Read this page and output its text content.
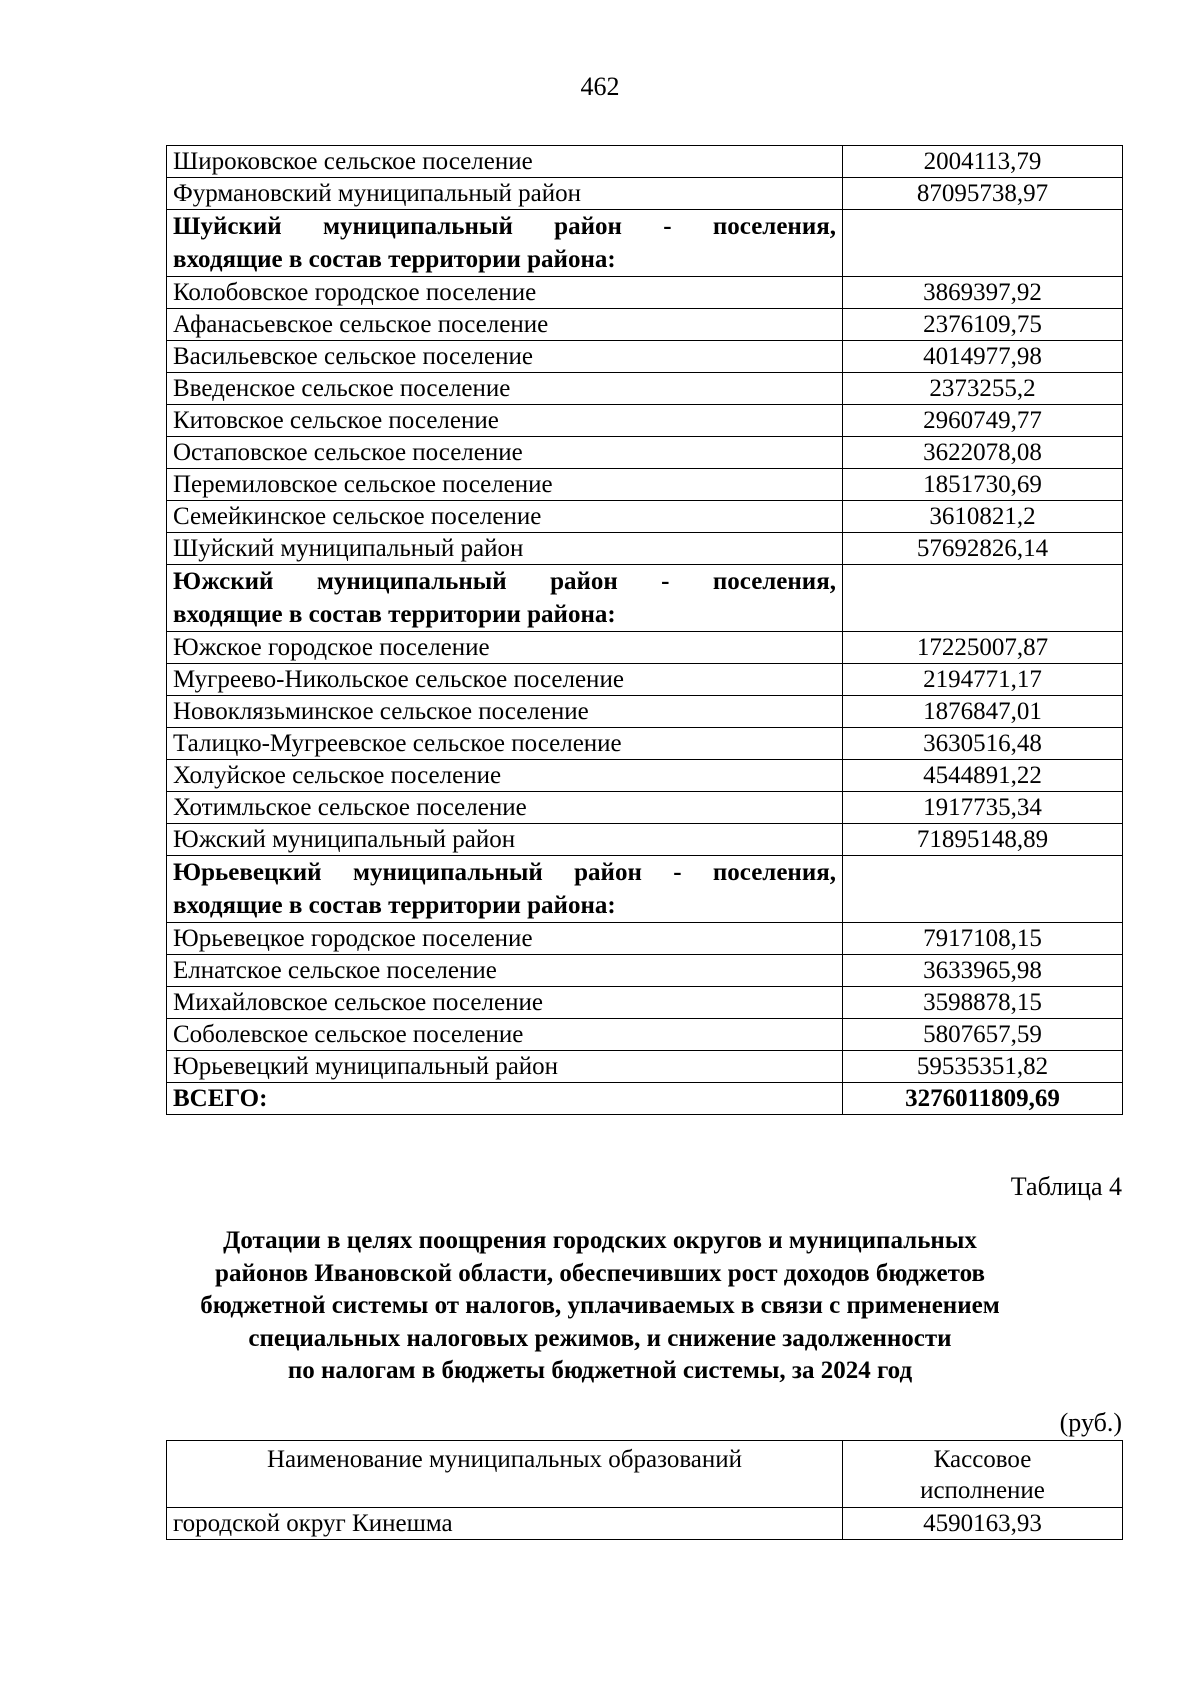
462
Широковское сельское поселение	2004113,79
Фурмановский муниципальный район	87095738,97
Шуйский муниципальный район - поселения,
входящие в состав территории района:	

Колобовское городское поселение	3869397,92
Афанасьевское сельское поселение	2376109,75
Васильевское сельское поселение	4014977,98
Введенское сельское поселение	2373255,2
Китовское сельское поселение	2960749,77
Остаповское сельское поселение	3622078,08
Перемиловское сельское поселение	1851730,69
Семейкинское сельское поселение	3610821,2
Шуйский муниципальный район	57692826,14
Южский муниципальный район - поселения,
входящие в состав территории района:	

Южское городское поселение	17225007,87
Мугреево-Никольское сельское поселение	2194771,17
Новоклязьминское сельское поселение	1876847,01
Талицко-Мугреевское сельское поселение	3630516,48
Холуйское сельское поселение	4544891,22
Хотимльское сельское поселение	1917735,34
Южский муниципальный район	71895148,89
Юрьевецкий муниципальный район - поселения,
входящие в состав территории района:	

Юрьевецкое городское поселение	7917108,15
Елнатское сельское поселение	3633965,98
Михайловское сельское поселение	3598878,15
Соболевское сельское поселение	5807657,59
Юрьевецкий муниципальный район	59535351,82
ВСЕГО:	3276011809,69
Таблица 4
Дотации в целях поощрения городских округов и муниципальных
районов Ивановской области, обеспечивших рост доходов бюджетов
бюджетной системы от налогов, уплачиваемых в связи с применением
специальных налоговых режимов, и снижение задолженности
по налогам в бюджеты бюджетной системы, за 2024 год
(руб.)
Наименование муниципальных образований	Кассовое
исполнение

городской округ Кинешма	4590163,93
